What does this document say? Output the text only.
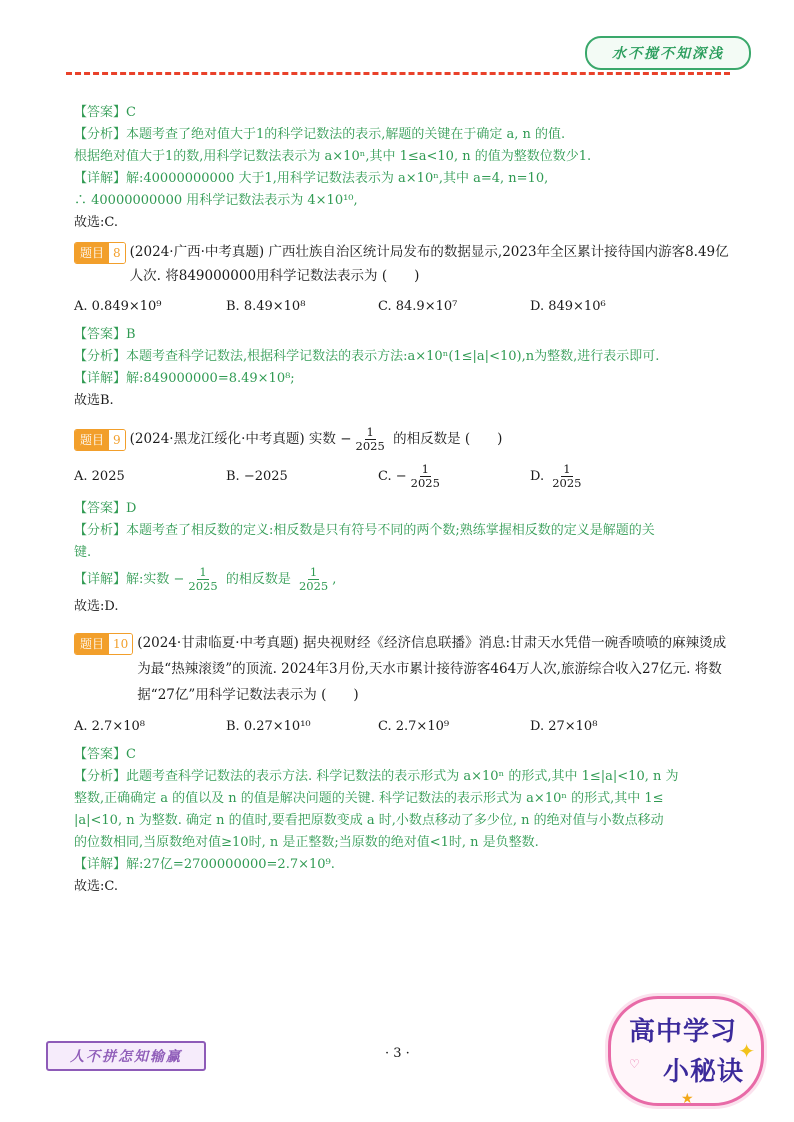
水不搅不知深浅
【答案】C
【分析】本题考查了绝对值大于1的科学记数法的表示,解题的关键在于确定 a, n 的值.
根据绝对值大于1的数,用科学记数法表示为 a×10ⁿ,其中 1≤a<10, n 的值为整数位数少1.
【详解】解:40000000000 大于1,用科学记数法表示为 a×10ⁿ,其中 a=4, n=10,
∴ 40000000000 用科学记数法表示为 4×10¹⁰,
故选:C.
题目 8 (2024·广西·中考真题) 广西壮族自治区统计局发布的数据显示,2023年全区累计接待国内游客8.49亿人次. 将849000000用科学记数法表示为 (　　)
A. 0.849×10⁹	B. 8.49×10⁸	C. 84.9×10⁷	D. 849×10⁶
【答案】B
【分析】本题考查科学记数法,根据科学记数法的表示方法:a×10ⁿ(1≤|a|<10),n为整数,进行表示即可.
【详解】解:849000000=8.49×10⁸;
故选B.
题目 9 (2024·黑龙江绥化·中考真题) 实数 − $\frac{1}{2025}$ 的相反数是 (　　)
A. 2025	B. −2025	C. − $\frac{1}{2025}$	D. $\frac{1}{2025}$
【答案】D
【分析】本题考查了相反数的定义:相反数是只有符号不同的两个数;熟练掌握相反数的定义是解题的关
键.
【详解】解:实数 − $\frac{1}{2025}$ 的相反数是 $\frac{1}{2025}$ ,
故选:D.
题目 10 (2024·甘肃临夏·中考真题) 据央视财经《经济信息联播》消息:甘肃天水凭借一碗香喷喷的麻辣烫成为最“热辣滚烫”的顶流. 2024年3月份,天水市累计接待游客464万人次,旅游综合收入27亿元. 将数据“27亿”用科学记数法表示为 (　　)
A. 2.7×10⁸	B. 0.27×10¹⁰	C. 2.7×10⁹	D. 27×10⁸
【答案】C
【分析】此题考查科学记数法的表示方法. 科学记数法的表示形式为 a×10ⁿ 的形式,其中 1≤|a|<10, n 为
整数,正确确定 a 的值以及 n 的值是解决问题的关键. 科学记数法的表示形式为 a×10ⁿ 的形式,其中 1≤
|a|<10, n 为整数. 确定 n 的值时,要看把原数变成 a 时,小数点移动了多少位, n 的绝对值与小数点移动
的位数相同,当原数绝对值≥10时, n 是正整数;当原数的绝对值<1时, n 是负整数.
【详解】解:27亿=2700000000=2.7×10⁹.
故选:C.
人不拼怎知输赢	· 3 ·
高中学习
小秘诀
✦
♡
★
